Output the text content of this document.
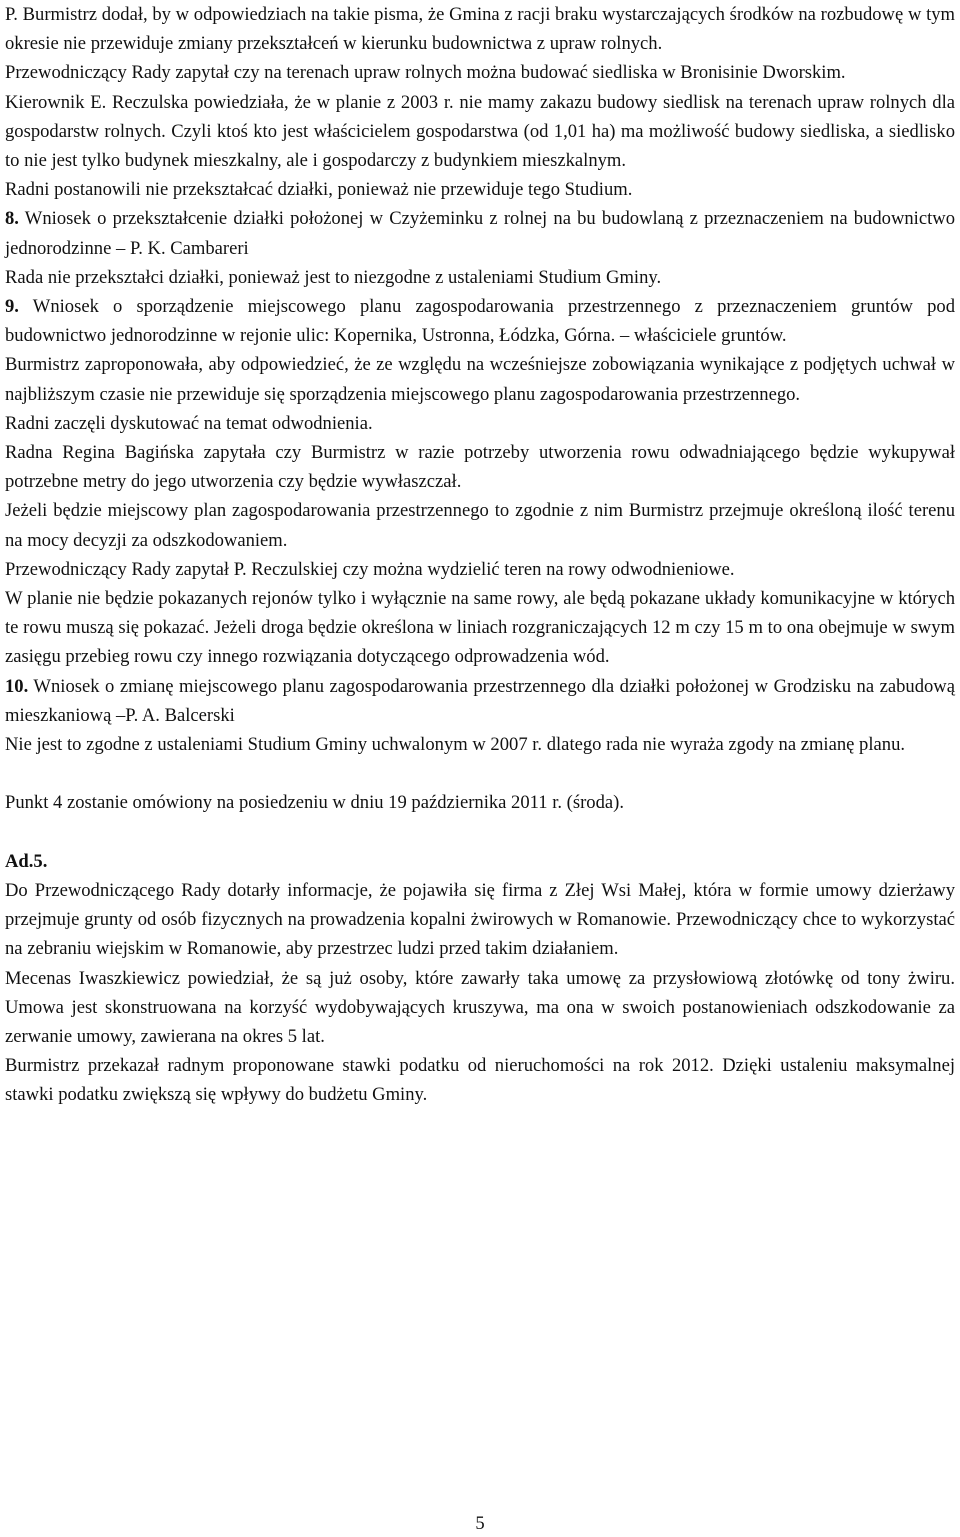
P. Burmistrz dodał, by w odpowiedziach na takie pisma, że Gmina z racji braku wystarczających środków na rozbudowę w tym okresie nie przewiduje zmiany przekształceń w kierunku budownictwa z upraw rolnych.

Przewodniczący Rady zapytał czy na terenach upraw rolnych można budować siedliska w Bronisinie Dworskim.

Kierownik E. Reczulska powiedziała, że w planie z 2003 r. nie mamy zakazu budowy siedlisk na terenach upraw rolnych dla gospodarstw rolnych. Czyli ktoś kto jest właścicielem gospodarstwa (od 1,01 ha) ma możliwość budowy siedliska, a siedlisko to nie jest tylko budynek mieszkalny, ale i gospodarczy z budynkiem mieszkalnym.

Radni postanowili nie przekształcać działki, ponieważ nie przewiduje tego Studium.

8. Wniosek o przekształcenie działki położonej w Czyżeminku z rolnej na bu budowlaną z przeznaczeniem na budownictwo jednorodzinne – P. K. Cambareri

Rada nie przekształci działki, ponieważ jest to niezgodne z ustaleniami Studium Gminy.

9. Wniosek o sporządzenie miejscowego planu zagospodarowania przestrzennego z przeznaczeniem gruntów pod budownictwo jednorodzinne w rejonie ulic: Kopernika, Ustronna, Łódzka, Górna. – właściciele gruntów.

Burmistrz zaproponowała, aby odpowiedzieć, że ze względu na wcześniejsze zobowiązania wynikające z podjętych uchwał w najbliższym czasie nie przewiduje się sporządzenia miejscowego planu zagospodarowania przestrzennego.

Radni zaczęli dyskutować na temat odwodnienia.

Radna Regina Bagińska zapytała czy Burmistrz w razie potrzeby utworzenia rowu odwadniającego będzie wykupywał potrzebne metry do jego utworzenia czy będzie wywłaszczał.

Jeżeli będzie miejscowy plan zagospodarowania przestrzennego to zgodnie z nim Burmistrz przejmuje określoną ilość terenu na mocy decyzji za odszkodowaniem.

Przewodniczący Rady zapytał P. Reczulskiej czy można wydzielić teren na rowy odwodnieniowe.

W planie nie będzie pokazanych rejonów tylko i wyłącznie na same rowy, ale będą pokazane układy komunikacyjne w których te rowu muszą się pokazać. Jeżeli droga będzie określona w liniach rozgraniczających 12 m czy 15 m to ona obejmuje w swym zasięgu przebieg rowu czy innego rozwiązania dotyczącego odprowadzenia wód.

10. Wniosek o zmianę miejscowego planu zagospodarowania przestrzennego dla działki położonej w Grodzisku na zabudową mieszkaniową –P. A. Balcerski

Nie jest to zgodne z ustaleniami Studium Gminy uchwalonym w 2007 r. dlatego rada nie wyraża zgody na zmianę planu.

Punkt 4 zostanie omówiony na posiedzeniu w dniu 19 października 2011 r. (środa).

Ad.5.

Do Przewodniczącego Rady dotarły informacje, że pojawiła się firma z Złej Wsi Małej, która w formie umowy dzierżawy przejmuje grunty od osób fizycznych na prowadzenia kopalni żwirowych w Romanowie. Przewodniczący chce to wykorzystać na zebraniu wiejskim w Romanowie, aby przestrzec ludzi przed takim działaniem.

Mecenas Iwaszkiewicz powiedział, że są już osoby, które zawarły taka umowę za przysłowiową złotówkę od tony żwiru. Umowa jest skonstruowana na korzyść wydobywających kruszywa, ma ona w swoich postanowieniach odszkodowanie za zerwanie umowy, zawierana na okres 5 lat.

Burmistrz przekazał radnym proponowane stawki podatku od nieruchomości na rok 2012. Dzięki ustaleniu maksymalnej stawki podatku zwiększą się wpływy do budżetu Gminy.

5
